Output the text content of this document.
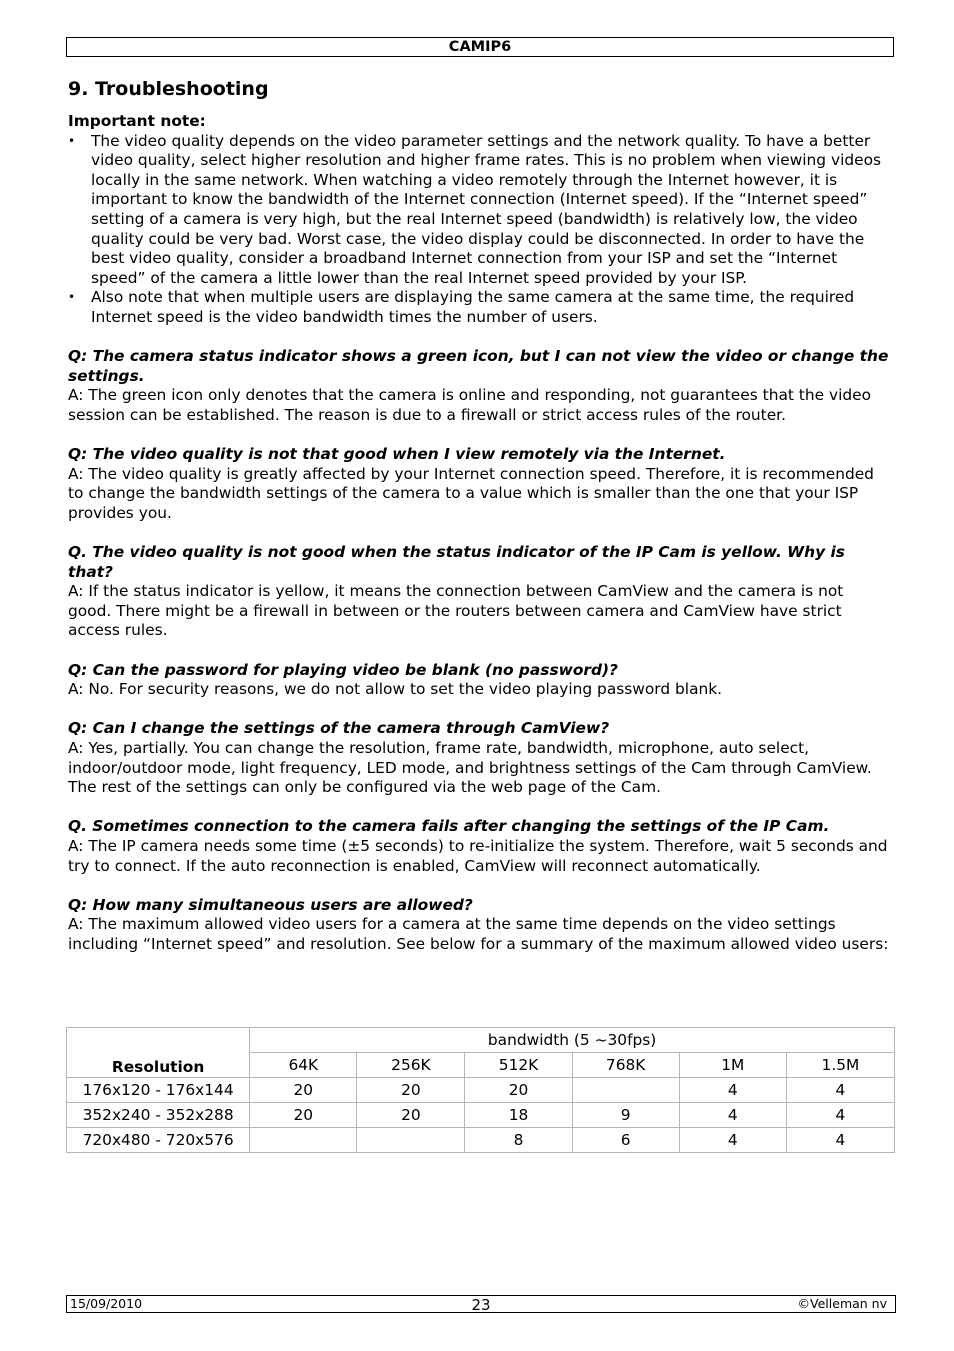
CAMIP6
9. Troubleshooting

Important note:

• The video quality depends on the video parameter settings and the network quality. To have a better video quality, select higher resolution and higher frame rates. This is no problem when viewing videos locally in the same network. When watching a video remotely through the Internet however, it is important to know the bandwidth of the Internet connection (Internet speed). If the “Internet speed” setting of a camera is very high, but the real Internet speed (bandwidth) is relatively low, the video quality could be very bad. Worst case, the video display could be disconnected. In order to have the best video quality, consider a broadband Internet connection from your ISP and set the “Internet speed” of the camera a little lower than the real Internet speed provided by your ISP.
• Also note that when multiple users are displaying the same camera at the same time, the required Internet speed is the video bandwidth times the number of users.

Q: The camera status indicator shows a green icon, but I can not view the video or change the settings.

A: The green icon only denotes that the camera is online and responding, not guarantees that the video session can be established. The reason is due to a firewall or strict access rules of the router.

Q: The video quality is not that good when I view remotely via the Internet.

A: The video quality is greatly affected by your Internet connection speed. Therefore, it is recommended to change the bandwidth settings of the camera to a value which is smaller than the one that your ISP provides you.

Q. The video quality is not good when the status indicator of the IP Cam is yellow. Why is that?

A: If the status indicator is yellow, it means the connection between CamView and the camera is not good. There might be a firewall in between or the routers between camera and CamView have strict access rules.

Q: Can the password for playing video be blank (no password)?

A: No. For security reasons, we do not allow to set the video playing password blank.

Q: Can I change the settings of the camera through CamView?

A: Yes, partially. You can change the resolution, frame rate, bandwidth, microphone, auto select, indoor/outdoor mode, light frequency, LED mode, and brightness settings of the Cam through CamView. The rest of the settings can only be configured via the web page of the Cam.

Q. Sometimes connection to the camera fails after changing the settings of the IP Cam.

A: The IP camera needs some time (±5 seconds) to re-initialize the system. Therefore, wait 5 seconds and try to connect. If the auto reconnection is enabled, CamView will reconnect automatically.

Q: How many simultaneous users are allowed?

A: The maximum allowed video users for a camera at the same time depends on the video settings including “Internet speed” and resolution. See below for a summary of the maximum allowed video users:

Resolution	bandwidth (5 ~30fps)					
	64K	256K	512K	768K	1M	1.5M
176x120 - 176x144	20	20	20		4	4
352x240 - 352x288	20	20	18	9	4	4
720x480 - 720x576			8	6	4	4
15/09/2010	23	©Velleman nv
